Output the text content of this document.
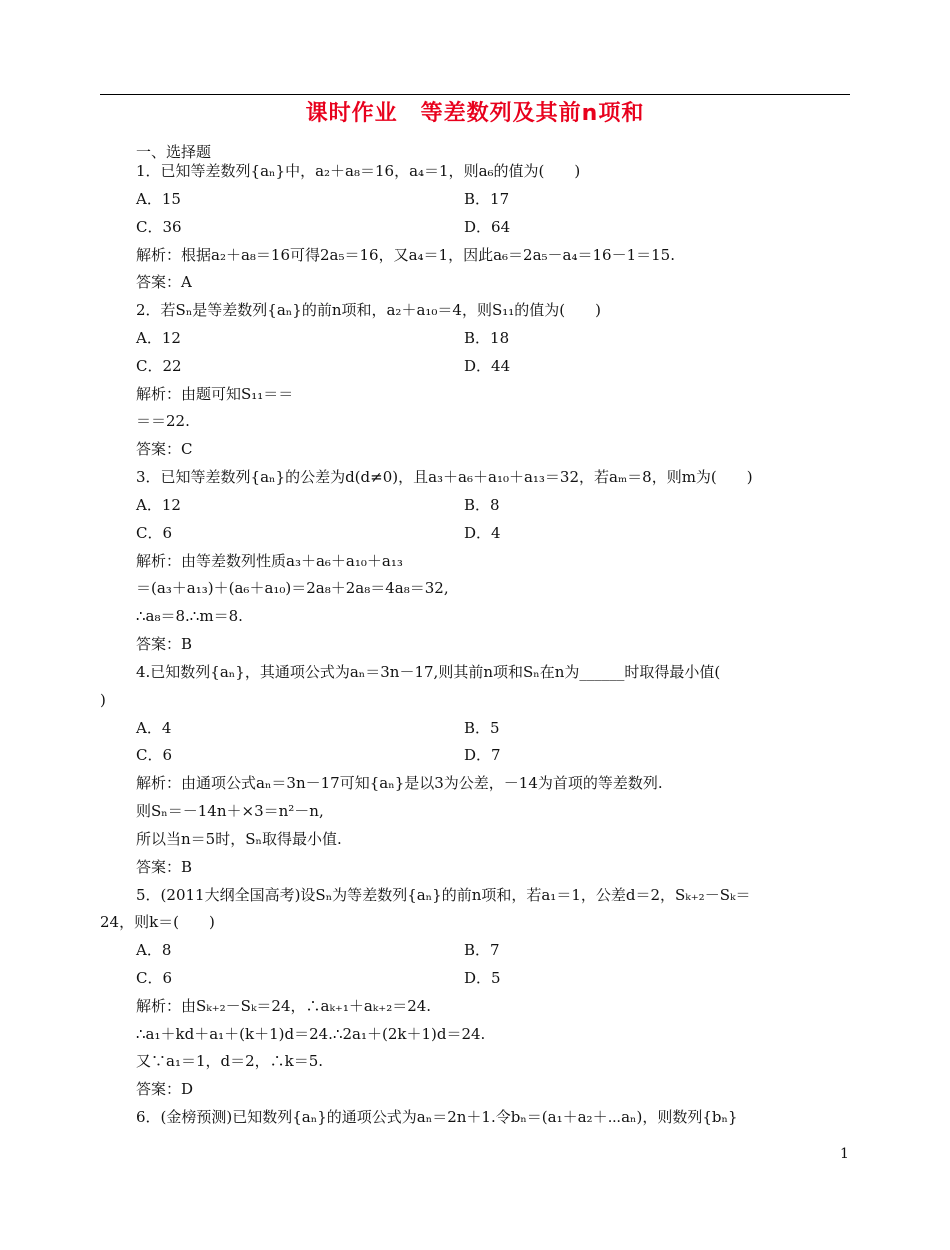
课时作业　等差数列及其前n项和
一、选择题
1．已知等差数列{aₙ}中，a₂＋a₈＝16，a₄＝1，则a₆的值为(　　)
A．15	B．17
C．36	D．64
解析：根据a₂＋a₈＝16可得2a₅＝16，又a₄＝1，因此a₆＝2a₅－a₄＝16－1＝15.
答案：A
2．若Sₙ是等差数列{aₙ}的前n项和，a₂＋a₁₀＝4，则S₁₁的值为(　　)
A．12	B．18
C．22	D．44
解析：由题可知S₁₁＝＝
＝＝22.
答案：C
3．已知等差数列{aₙ}的公差为d(d≠0)，且a₃＋a₆＋a₁₀＋a₁₃＝32，若aₘ＝8，则m为(　　)
A．12	B．8
C．6	D．4
解析：由等差数列性质a₃＋a₆＋a₁₀＋a₁₃
＝(a₃＋a₁₃)＋(a₆＋a₁₀)＝2a₈＋2a₈＝4a₈＝32,
∴a₈＝8.∴m＝8.
答案：B
4.已知数列{aₙ}，其通项公式为aₙ＝3n－17,则其前n项和Sₙ在n为______时取得最小值(
)
A．4	B．5
C．6	D．7
解析：由通项公式aₙ＝3n－17可知{aₙ}是以3为公差，－14为首项的等差数列.
则Sₙ＝－14n＋×3＝n²－n,
所以当n＝5时，Sₙ取得最小值.
答案：B
5．(2011大纲全国高考)设Sₙ为等差数列{aₙ}的前n项和，若a₁＝1，公差d＝2，Sₖ₊₂－Sₖ＝
24，则k＝(　　)
A．8	B．7
C．6	D．5
解析：由Sₖ₊₂－Sₖ＝24，∴aₖ₊₁＋aₖ₊₂＝24.
∴a₁＋kd＋a₁＋(k＋1)d＝24.∴2a₁＋(2k＋1)d＝24.
又∵a₁＝1，d＝2，∴k＝5.
答案：D
6．(金榜预测)已知数列{aₙ}的通项公式为aₙ＝2n＋1.令bₙ＝(a₁＋a₂＋⋯aₙ)，则数列{bₙ}
1
